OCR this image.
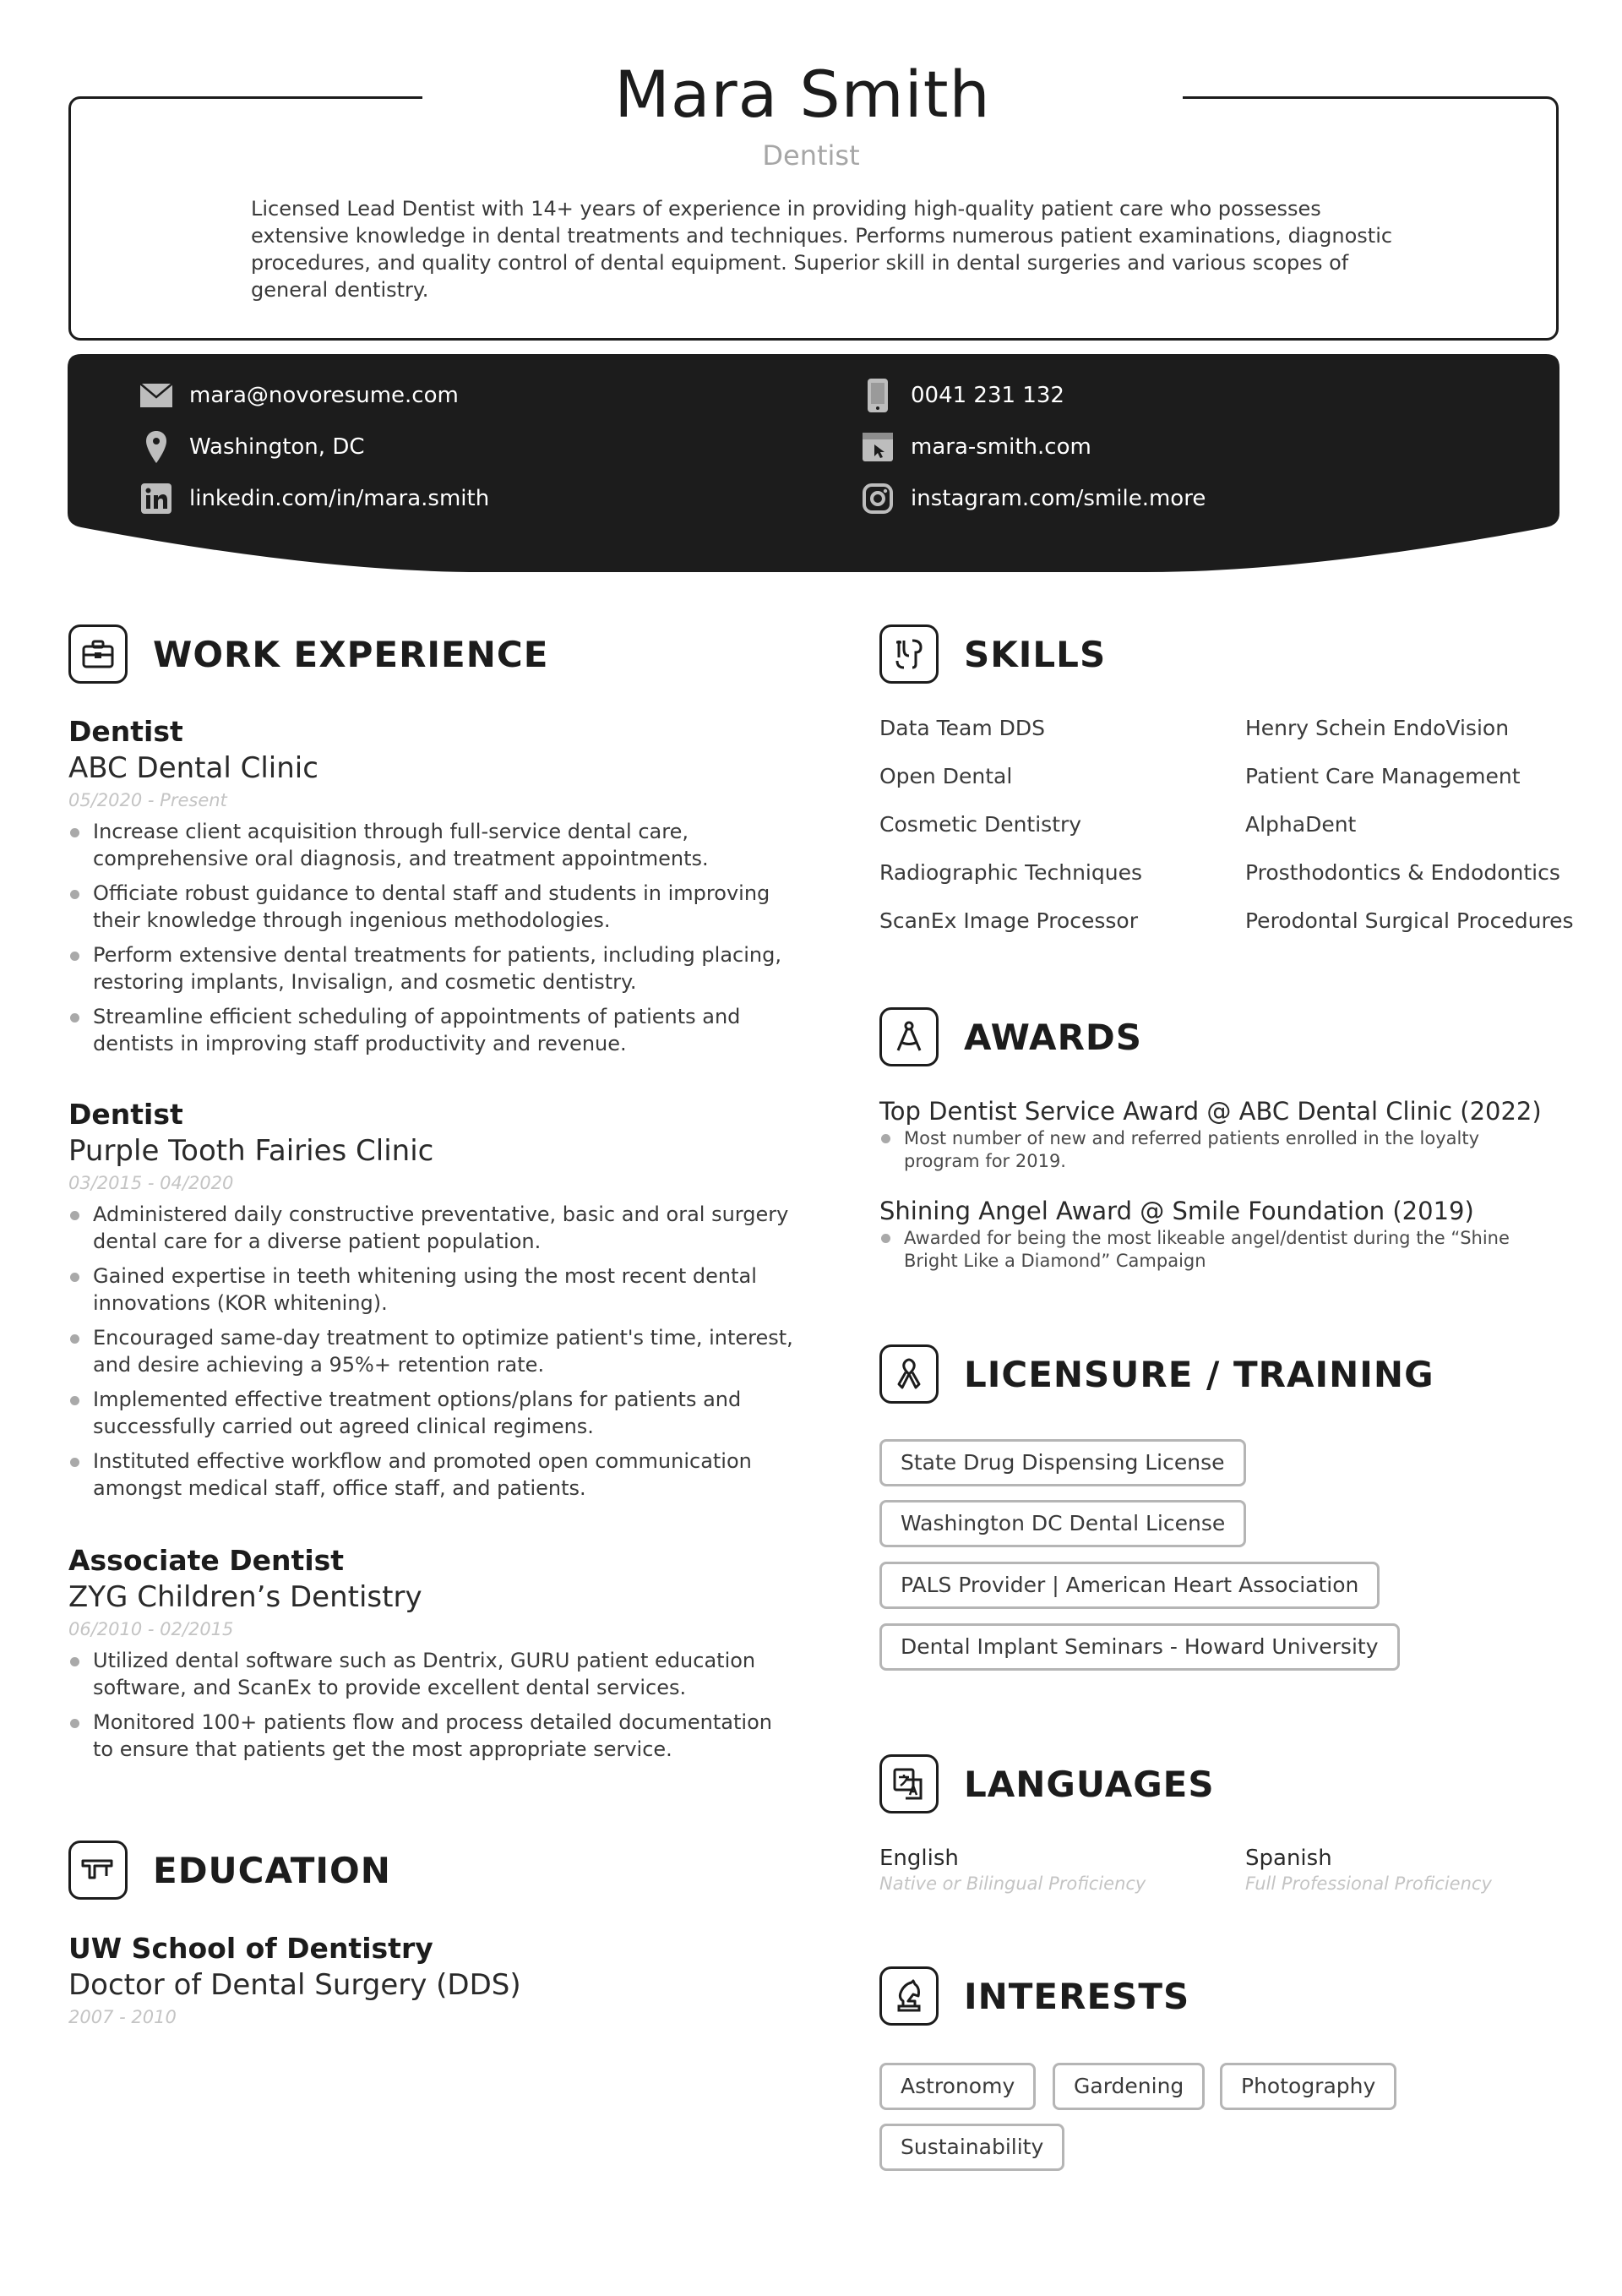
Mara Smith
Dentist
Licensed Lead Dentist with 14+ years of experience in providing high-quality patient care who possesses extensive knowledge in dental treatments and techniques. Performs numerous patient examinations, diagnostic procedures, and quality control of dental equipment. Superior skill in dental surgeries and various scopes of general dentistry.
mara@novoresume.com
Washington, DC
linkedin.com/in/mara.smith
0041 231 132
mara-smith.com
instagram.com/smile.more
WORK EXPERIENCE
Dentist
ABC Dental Clinic
05/2020 - Present
Increase client acquisition through full-service dental care, comprehensive oral diagnosis, and treatment appointments.
Officiate robust guidance to dental staff and students in improving their knowledge through ingenious methodologies.
Perform extensive dental treatments for patients, including placing, restoring implants, Invisalign, and cosmetic dentistry.
Streamline efficient scheduling of appointments of patients and dentists in improving staff productivity and revenue.
Dentist
Purple Tooth Fairies Clinic
03/2015 - 04/2020
Administered daily constructive preventative, basic and oral surgery dental care for a diverse patient population.
Gained expertise in teeth whitening using the most recent dental innovations (KOR whitening).
Encouraged same-day treatment to optimize patient's time, interest, and desire achieving a 95%+ retention rate.
Implemented effective treatment options/plans for patients and successfully carried out agreed clinical regimens.
Instituted effective workflow and promoted open communication amongst medical staff, office staff, and patients.
Associate Dentist
ZYG Children’s Dentistry
06/2010 - 02/2015
Utilized dental software such as Dentrix, GURU patient education software, and ScanEx to provide excellent dental services.
Monitored 100+ patients flow and process detailed documentation to ensure that patients get the most appropriate service.
EDUCATION
UW School of Dentistry
Doctor of Dental Surgery (DDS)
2007 - 2010
SKILLS
Data Team DDS	Henry Schein EndoVision
Open Dental	Patient Care Management
Cosmetic Dentistry	AlphaDent
Radiographic Techniques	Prosthodontics & Endodontics
ScanEx Image Processor	Perodontal Surgical Procedures
AWARDS
Top Dentist Service Award @ ABC Dental Clinic (2022)
Most number of new and referred patients enrolled in the loyalty program for 2019.
Shining Angel Award @ Smile Foundation (2019)
Awarded for being the most likeable angel/dentist during the “Shine Bright Like a Diamond” Campaign
LICENSURE / TRAINING
State Drug Dispensing License
Washington DC Dental License
PALS Provider | American Heart Association
Dental Implant Seminars - Howard University
LANGUAGES
English
Native or Bilingual Proficiency
Spanish
Full Professional Proficiency
INTERESTS
Astronomy	Gardening	Photography
Sustainability
